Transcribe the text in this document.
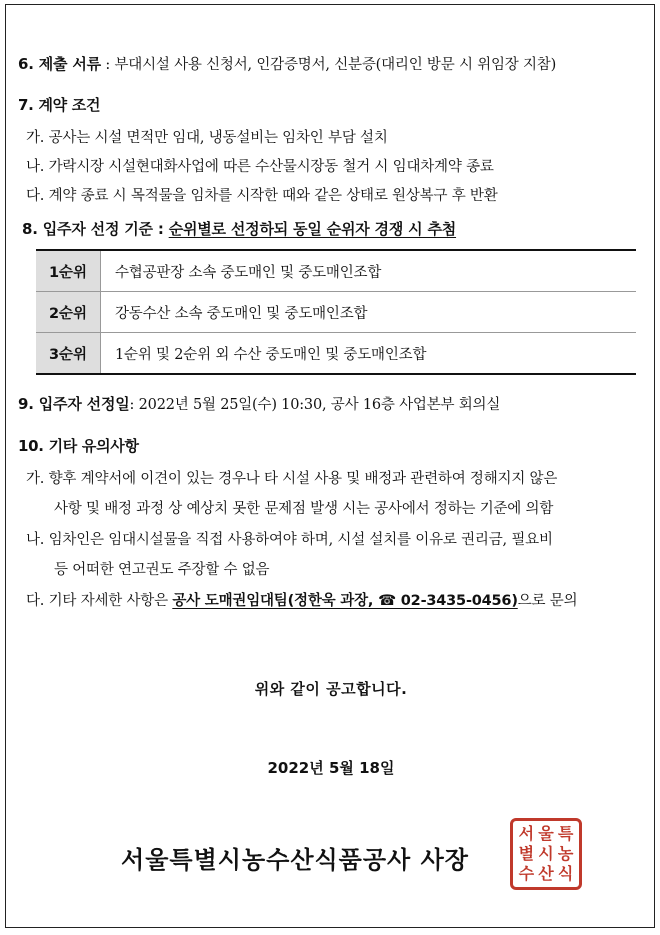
6. 제출 서류 : 부대시설 사용 신청서, 인감증명서, 신분증(대리인 방문 시 위임장 지참)
7. 계약 조건
가. 공사는 시설 면적만 임대, 냉동설비는 임차인 부담 설치
나. 가락시장 시설현대화사업에 따른 수산물시장동 철거 시 임대차계약 종료
다. 계약 종료 시 목적물을 임차를 시작한 때와 같은 상태로 원상복구 후 반환
8. 입주자 선정 기준 : 순위별로 선정하되 동일 순위자 경쟁 시 추첨
1순위	수협공판장 소속 중도매인 및 중도매인조합
2순위	강동수산 소속 중도매인 및 중도매인조합
3순위	1순위 및 2순위 외 수산 중도매인 및 중도매인조합
9. 입주자 선정일: 2022년 5월 25일(수) 10:30, 공사 16층 사업본부 회의실
10. 기타 유의사항
가. 향후 계약서에 이견이 있는 경우나 타 시설 사용 및 배정과 관련하여 정해지지 않은
사항 및 배정 과정 상 예상치 못한 문제점 발생 시는 공사에서 정하는 기준에 의함
나. 임차인은 임대시설물을 직접 사용하여야 하며, 시설 설치를 이유로 권리금, 필요비
등 어떠한 연고권도 주장할 수 없음
다. 기타 자세한 사항은 공사 도매권임대팀(정한욱 과장, ☎ 02-3435-0456)으로 문의
위와 같이 공고합니다.
2022년 5월 18일
서울특별시농수산식품공사 사장
서 울 특
별 시 농
수 산 식
